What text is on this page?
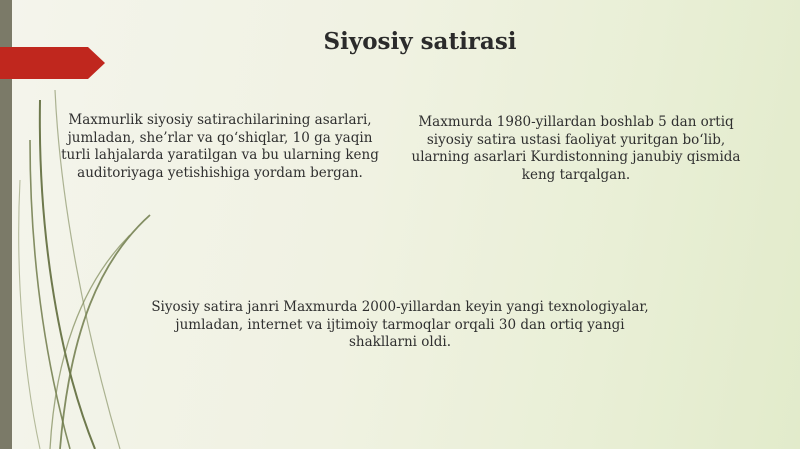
Siyosiy satirasi

Maxmurlik siyosiy satirachilarining asarlari, jumladan, she’rlar va qo‘shiqlar, 10 ga yaqin turli lahjalarda yaratilgan va bu ularning keng auditoriyaga yetishishiga yordam bergan.

Maxmurda 1980-yillardan boshlab 5 dan ortiq siyosiy satira ustasi faoliyat yuritgan bo‘lib, ularning asarlari Kurdistonning janubiy qismida keng tarqalgan.

Siyosiy satira janri Maxmurda 2000-yillardan keyin yangi texnologiyalar, jumladan, internet va ijtimoiy tarmoqlar orqali 30 dan ortiq yangi shakllarni oldi.
